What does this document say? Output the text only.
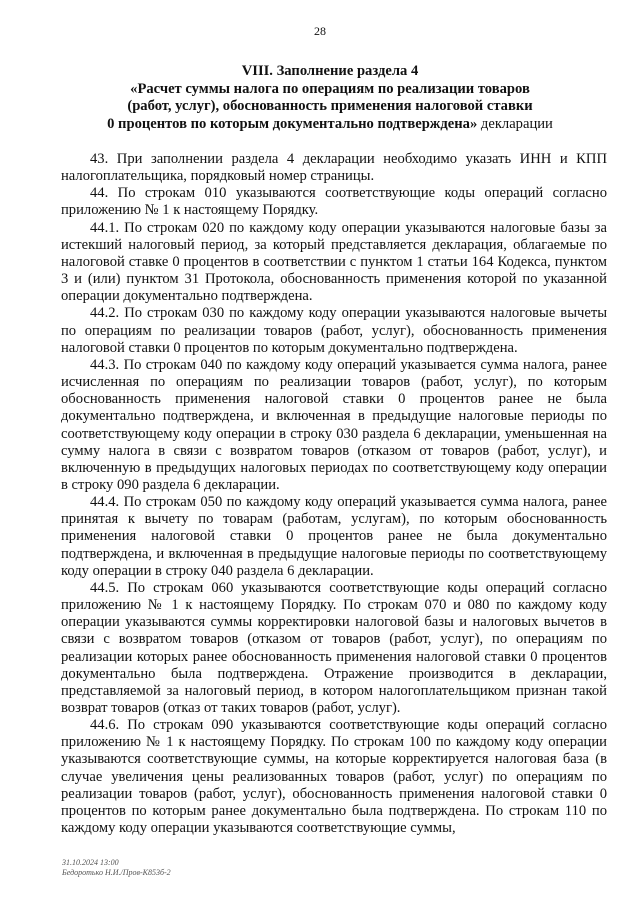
28
VIII. Заполнение раздела 4
«Расчет суммы налога по операциям по реализации товаров
(работ, услуг), обоснованность применения налоговой ставки
0 процентов по которым документально подтверждена» декларации

43. При заполнении раздела 4 декларации необходимо указать ИНН и КПП налогоплательщика, порядковый номер страницы.

44. По строкам 010 указываются соответствующие коды операций согласно приложению № 1 к настоящему Порядку.

44.1. По строкам 020 по каждому коду операции указываются налоговые базы за истекший налоговый период, за который представляется декларация, облагаемые по налоговой ставке 0 процентов в соответствии с пунктом 1 статьи 164 Кодекса, пунктом 3 и (или) пунктом 31 Протокола, обоснованность применения которой по указанной операции документально подтверждена.

44.2. По строкам 030 по каждому коду операции указываются налоговые вычеты по операциям по реализации товаров (работ, услуг), обоснованность применения налоговой ставки 0 процентов по которым документально подтверждена.

44.3. По строкам 040 по каждому коду операций указывается сумма налога, ранее исчисленная по операциям по реализации товаров (работ, услуг), по которым обоснованность применения налоговой ставки 0 процентов ранее не была документально подтверждена, и включенная в предыдущие налоговые периоды по соответствующему коду операции в строку 030 раздела 6 декларации, уменьшенная на сумму налога в связи с возвратом товаров (отказом от товаров (работ, услуг), и включенную в предыдущих налоговых периодах по соответствующему коду операции в строку 090 раздела 6 декларации.

44.4. По строкам 050 по каждому коду операций указывается сумма налога, ранее принятая к вычету по товарам (работам, услугам), по которым обоснованность применения налоговой ставки 0 процентов ранее не была документально подтверждена, и включенная в предыдущие налоговые периоды по соответствующему коду операции в строку 040 раздела 6 декларации.

44.5. По строкам 060 указываются соответствующие коды операций согласно приложению № 1 к настоящему Порядку. По строкам 070 и 080 по каждому коду операции указываются суммы корректировки налоговой базы и налоговых вычетов в связи с возвратом товаров (отказом от товаров (работ, услуг), по операциям по реализации которых ранее обоснованность применения налоговой ставки 0 процентов документально была подтверждена. Отражение производится в декларации, представляемой за налоговый период, в котором налогоплательщиком признан такой возврат товаров (отказ от таких товаров (работ, услуг).

44.6. По строкам 090 указываются соответствующие коды операций согласно приложению № 1 к настоящему Порядку. По строкам 100 по каждому коду операции указываются соответствующие суммы, на которые корректируется налоговая база (в случае увеличения цены реализованных товаров (работ, услуг) по операциям по реализации товаров (работ, услуг), обоснованность применения налоговой ставки 0 процентов по которым ранее документально была подтверждена. По строкам 110 по каждому коду операции указываются соответствующие суммы,

31.10.2024 13:00
Бедоротько Н.И./Пров-К853б-2
